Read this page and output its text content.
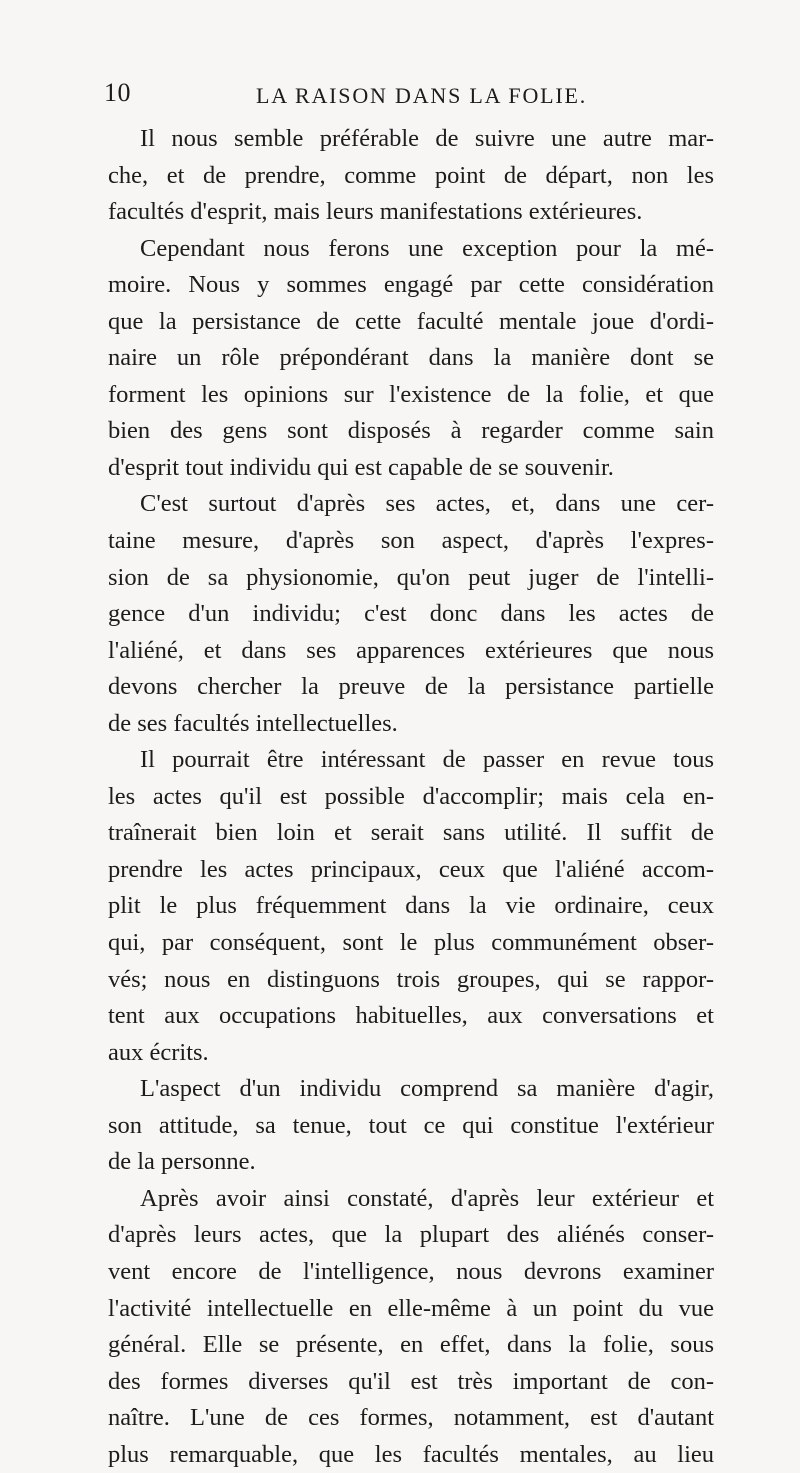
10	LA RAISON DANS LA FOLIE.
Il nous semble préférable de suivre une autre mar-
che, et de prendre, comme point de départ, non les
facultés d'esprit, mais leurs manifestations extérieures.
Cependant nous ferons une exception pour la mé-
moire. Nous y sommes engagé par cette considération
que la persistance de cette faculté mentale joue d'ordi-
naire un rôle prépondérant dans la manière dont se
forment les opinions sur l'existence de la folie, et que
bien des gens sont disposés à regarder comme sain
d'esprit tout individu qui est capable de se souvenir.
C'est surtout d'après ses actes, et, dans une cer-
taine mesure, d'après son aspect, d'après l'expres-
sion de sa physionomie, qu'on peut juger de l'intelli-
gence d'un individu; c'est donc dans les actes de
l'aliéné, et dans ses apparences extérieures que nous
devons chercher la preuve de la persistance partielle
de ses facultés intellectuelles.
Il pourrait être intéressant de passer en revue tous
les actes qu'il est possible d'accomplir; mais cela en-
traînerait bien loin et serait sans utilité. Il suffit de
prendre les actes principaux, ceux que l'aliéné accom-
plit le plus fréquemment dans la vie ordinaire, ceux
qui, par conséquent, sont le plus communément obser-
vés; nous en distinguons trois groupes, qui se rappor-
tent aux occupations habituelles, aux conversations et
aux écrits.
L'aspect d'un individu comprend sa manière d'agir,
son attitude, sa tenue, tout ce qui constitue l'extérieur
de la personne.
Après avoir ainsi constaté, d'après leur extérieur et
d'après leurs actes, que la plupart des aliénés conser-
vent encore de l'intelligence, nous devrons examiner
l'activité intellectuelle en elle-même à un point du vue
général. Elle se présente, en effet, dans la folie, sous
des formes diverses qu'il est très important de con-
naître. L'une de ces formes, notamment, est d'autant
plus remarquable, que les facultés mentales, au lieu
